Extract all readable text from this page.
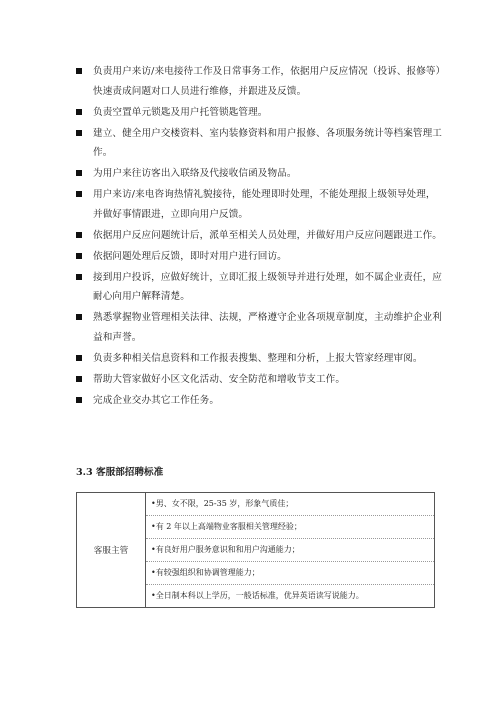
负责用户来访/来电接待工作及日常事务工作，依据用户反应情况（投诉、报修等）快速责成问题对口人员进行维修，并跟进及反馈。
负责空置单元锁匙及用户托管锁匙管理。
建立、健全用户交楼资料、室内装修资料和用户报修、各项服务统计等档案管理工作。
为用户来往访客出入联络及代接收信函及物品。
用户来访/来电咨询热情礼貌接待，能处理即时处理，不能处理报上级领导处理，并做好事情跟进，立即向用户反馈。
依据用户反应问题统计后，派单至相关人员处理，并做好用户反应问题跟进工作。
依据问题处理后反馈，即时对用户进行回访。
接到用户投诉，应做好统计，立即汇报上级领导并进行处理，如不属企业责任，应耐心向用户解释清楚。
熟悉掌握物业管理相关法律、法规，严格遵守企业各项规章制度，主动维护企业利益和声誉。
负责多种相关信息资料和工作报表搜集、整理和分析，上报大管家经理审阅。
帮助大管家做好小区文化活动、安全防范和增收节支工作。
完成企业交办其它工作任务。
3.3 客服部招聘标准
客服主管	
•男、女不限，25-35 岁，形象气质佳；
•有 2 年以上高端物业客服相关管理经验；
•有良好用户服务意识和和用户沟通能力；
•有较强组织和协调管理能力；
•全日制本科以上学历，一般话标准，优异英语读写说能力。
